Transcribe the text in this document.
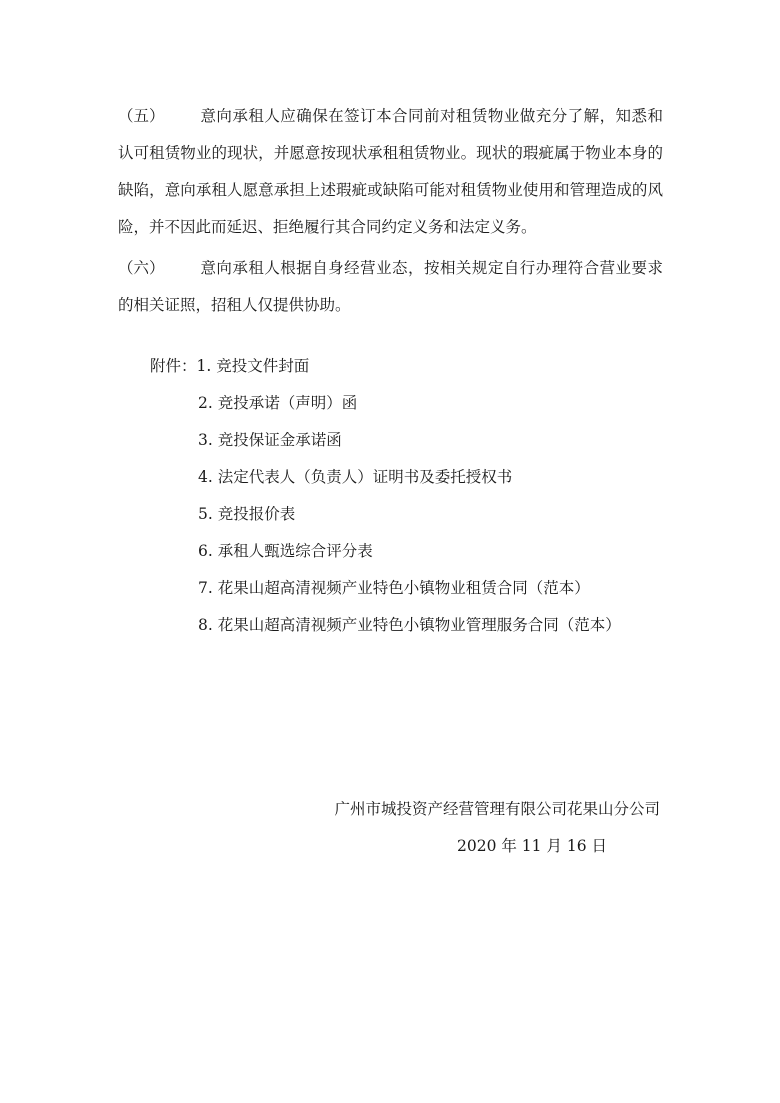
（五） 意向承租人应确保在签订本合同前对租赁物业做充分了解，知悉和认可租赁物业的现状，并愿意按现状承租租赁物业。现状的瑕疵属于物业本身的缺陷，意向承租人愿意承担上述瑕疵或缺陷可能对租赁物业使用和管理造成的风险，并不因此而延迟、拒绝履行其合同约定义务和法定义务。
（六） 意向承租人根据自身经营业态，按相关规定自行办理符合营业要求的相关证照，招租人仅提供协助。
附件：1. 竞投文件封面
2. 竞投承诺（声明）函
3. 竞投保证金承诺函
4. 法定代表人（负责人）证明书及委托授权书
5. 竞投报价表
6. 承租人甄选综合评分表
7. 花果山超高清视频产业特色小镇物业租赁合同（范本）
8. 花果山超高清视频产业特色小镇物业管理服务合同（范本）
广州市城投资产经营管理有限公司花果山分公司
2020 年 11 月 16 日
